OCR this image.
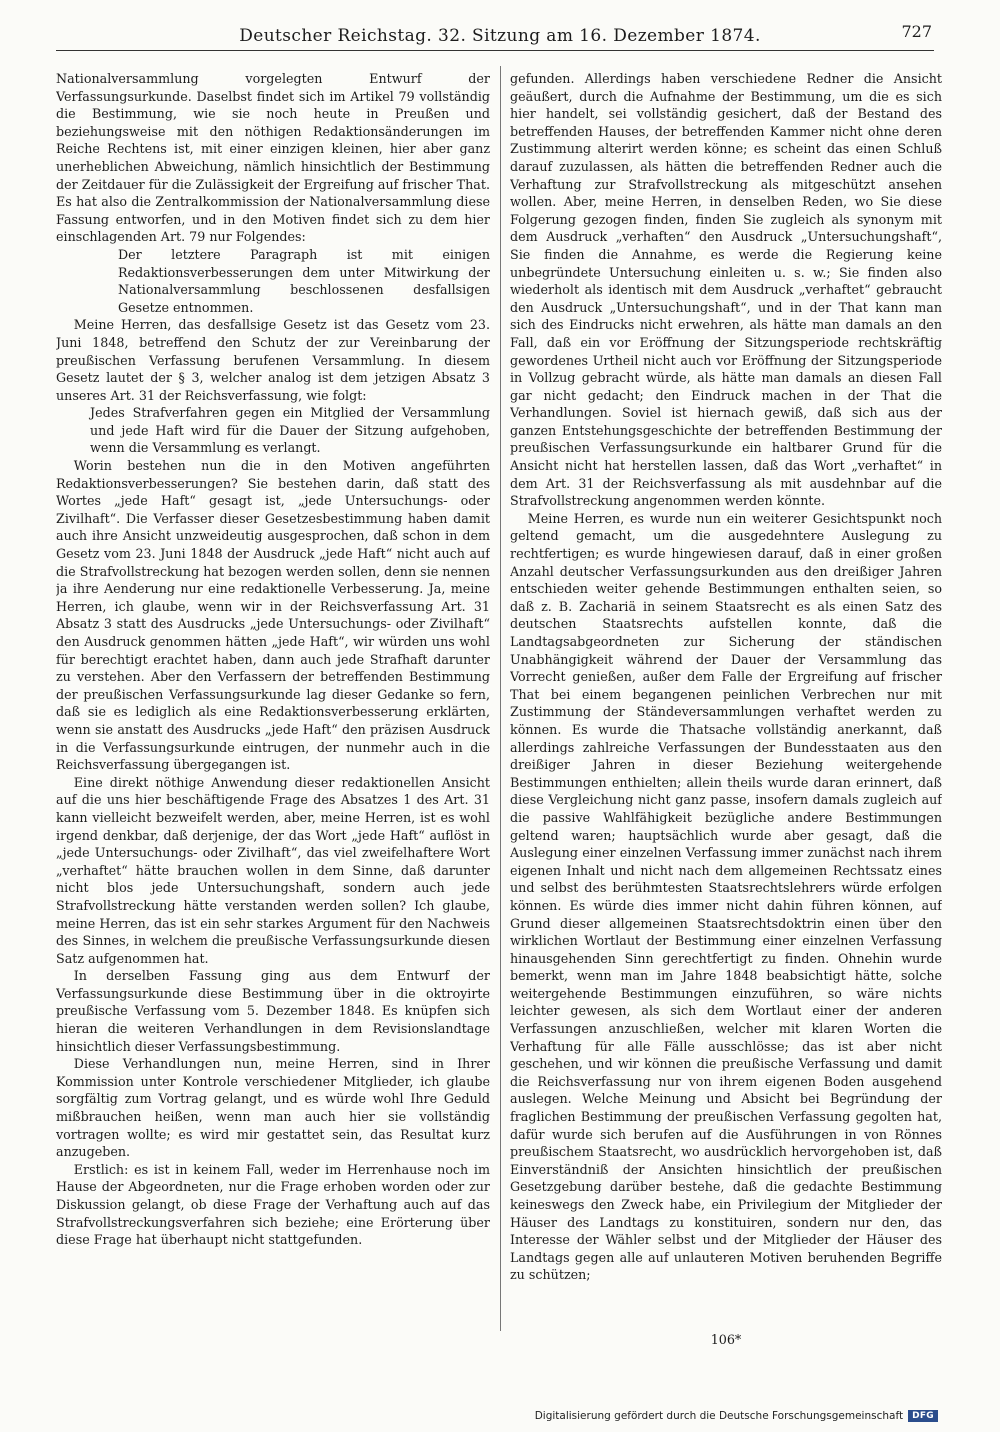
Deutscher Reichstag. 32. Sitzung am 16. Dezember 1874.	727

Nationalversammlung vorgelegten Entwurf der Verfassungsurkunde. Daselbst findet sich im Artikel 79 vollständig die Bestimmung, wie sie noch heute in Preußen und beziehungsweise mit den nöthigen Redaktionsänderungen im Reiche Rechtens ist, mit einer einzigen kleinen, hier aber ganz unerheblichen Abweichung, nämlich hinsichtlich der Bestimmung der Zeitdauer für die Zulässigkeit der Ergreifung auf frischer That. Es hat also die Zentralkommission der Nationalversammlung diese Fassung entworfen, und in den Motiven findet sich zu dem hier einschlagenden Art. 79 nur Folgendes:

Der letztere Paragraph ist mit einigen Redaktionsverbesserungen dem unter Mitwirkung der Nationalversammlung beschlossenen desfallsigen Gesetze entnommen.

Meine Herren, das desfallsige Gesetz ist das Gesetz vom 23. Juni 1848, betreffend den Schutz der zur Vereinbarung der preußischen Verfassung berufenen Versammlung. In diesem Gesetz lautet der § 3, welcher analog ist dem jetzigen Absatz 3 unseres Art. 31 der Reichsverfassung, wie folgt:

Jedes Strafverfahren gegen ein Mitglied der Versammlung und jede Haft wird für die Dauer der Sitzung aufgehoben, wenn die Versammlung es verlangt.

Worin bestehen nun die in den Motiven angeführten Redaktionsverbesserungen? Sie bestehen darin, daß statt des Wortes „jede Haft“ gesagt ist, „jede Untersuchungs- oder Zivilhaft“. Die Verfasser dieser Gesetzesbestimmung haben damit auch ihre Ansicht unzweideutig ausgesprochen, daß schon in dem Gesetz vom 23. Juni 1848 der Ausdruck „jede Haft“ nicht auch auf die Strafvollstreckung hat bezogen werden sollen, denn sie nennen ja ihre Aenderung nur eine redaktionelle Verbesserung. Ja, meine Herren, ich glaube, wenn wir in der Reichsverfassung Art. 31 Absatz 3 statt des Ausdrucks „jede Untersuchungs- oder Zivilhaft“ den Ausdruck genommen hätten „jede Haft“, wir würden uns wohl für berechtigt erachtet haben, dann auch jede Strafhaft darunter zu verstehen. Aber den Verfassern der betreffenden Bestimmung der preußischen Verfassungsurkunde lag dieser Gedanke so fern, daß sie es lediglich als eine Redaktionsverbesserung erklärten, wenn sie anstatt des Ausdrucks „jede Haft“ den präzisen Ausdruck in die Verfassungsurkunde eintrugen, der nunmehr auch in die Reichsverfassung übergegangen ist.

Eine direkt nöthige Anwendung dieser redaktionellen Ansicht auf die uns hier beschäftigende Frage des Absatzes 1 des Art. 31 kann vielleicht bezweifelt werden, aber, meine Herren, ist es wohl irgend denkbar, daß derjenige, der das Wort „jede Haft“ auflöst in „jede Untersuchungs- oder Zivilhaft“, das viel zweifelhaftere Wort „verhaftet“ hätte brauchen wollen in dem Sinne, daß darunter nicht blos jede Untersuchungshaft, sondern auch jede Strafvollstreckung hätte verstanden werden sollen? Ich glaube, meine Herren, das ist ein sehr starkes Argument für den Nachweis des Sinnes, in welchem die preußische Verfassungsurkunde diesen Satz aufgenommen hat.

In derselben Fassung ging aus dem Entwurf der Verfassungsurkunde diese Bestimmung über in die oktroyirte preußische Verfassung vom 5. Dezember 1848. Es knüpfen sich hieran die weiteren Verhandlungen in dem Revisionslandtage hinsichtlich dieser Verfassungsbestimmung.

Diese Verhandlungen nun, meine Herren, sind in Ihrer Kommission unter Kontrole verschiedener Mitglieder, ich glaube sorgfältig zum Vortrag gelangt, und es würde wohl Ihre Geduld mißbrauchen heißen, wenn man auch hier sie vollständig vortragen wollte; es wird mir gestattet sein, das Resultat kurz anzugeben.

Erstlich: es ist in keinem Fall, weder im Herrenhause noch im Hause der Abgeordneten, nur die Frage erhoben worden oder zur Diskussion gelangt, ob diese Frage der Verhaftung auch auf das Strafvollstreckungsverfahren sich beziehe; eine Erörterung über diese Frage hat überhaupt nicht stattgefunden.

gefunden. Allerdings haben verschiedene Redner die Ansicht geäußert, durch die Aufnahme der Bestimmung, um die es sich hier handelt, sei vollständig gesichert, daß der Bestand des betreffenden Hauses, der betreffenden Kammer nicht ohne deren Zustimmung alterirt werden könne; es scheint das einen Schluß darauf zuzulassen, als hätten die betreffenden Redner auch die Verhaftung zur Strafvollstreckung als mitgeschützt ansehen wollen. Aber, meine Herren, in denselben Reden, wo Sie diese Folgerung gezogen finden, finden Sie zugleich als synonym mit dem Ausdruck „verhaften“ den Ausdruck „Untersuchungshaft“, Sie finden die Annahme, es werde die Regierung keine unbegründete Untersuchung einleiten u. s. w.; Sie finden also wiederholt als identisch mit dem Ausdruck „verhaftet“ gebraucht den Ausdruck „Untersuchungshaft“, und in der That kann man sich des Eindrucks nicht erwehren, als hätte man damals an den Fall, daß ein vor Eröffnung der Sitzungsperiode rechtskräftig gewordenes Urtheil nicht auch vor Eröffnung der Sitzungsperiode in Vollzug gebracht würde, als hätte man damals an diesen Fall gar nicht gedacht; den Eindruck machen in der That die Verhandlungen. Soviel ist hiernach gewiß, daß sich aus der ganzen Entstehungsgeschichte der betreffenden Bestimmung der preußischen Verfassungsurkunde ein haltbarer Grund für die Ansicht nicht hat herstellen lassen, daß das Wort „verhaftet“ in dem Art. 31 der Reichsverfassung als mit ausdehnbar auf die Strafvollstreckung angenommen werden könnte.

Meine Herren, es wurde nun ein weiterer Gesichtspunkt noch geltend gemacht, um die ausgedehntere Auslegung zu rechtfertigen; es wurde hingewiesen darauf, daß in einer großen Anzahl deutscher Verfassungsurkunden aus den dreißiger Jahren entschieden weiter gehende Bestimmungen enthalten seien, so daß z. B. Zachariä in seinem Staatsrecht es als einen Satz des deutschen Staatsrechts aufstellen konnte, daß die Landtagsabgeordneten zur Sicherung der ständischen Unabhängigkeit während der Dauer der Versammlung das Vorrecht genießen, außer dem Falle der Ergreifung auf frischer That bei einem begangenen peinlichen Verbrechen nur mit Zustimmung der Ständeversammlungen verhaftet werden zu können. Es wurde die Thatsache vollständig anerkannt, daß allerdings zahlreiche Verfassungen der Bundesstaaten aus den dreißiger Jahren in dieser Beziehung weitergehende Bestimmungen enthielten; allein theils wurde daran erinnert, daß diese Vergleichung nicht ganz passe, insofern damals zugleich auf die passive Wahlfähigkeit bezügliche andere Bestimmungen geltend waren; hauptsächlich wurde aber gesagt, daß die Auslegung einer einzelnen Verfassung immer zunächst nach ihrem eigenen Inhalt und nicht nach dem allgemeinen Rechtssatz eines und selbst des berühmtesten Staatsrechtslehrers würde erfolgen können. Es würde dies immer nicht dahin führen können, auf Grund dieser allgemeinen Staatsrechtsdoktrin einen über den wirklichen Wortlaut der Bestimmung einer einzelnen Verfassung hinausgehenden Sinn gerechtfertigt zu finden. Ohnehin wurde bemerkt, wenn man im Jahre 1848 beabsichtigt hätte, solche weitergehende Bestimmungen einzuführen, so wäre nichts leichter gewesen, als sich dem Wortlaut einer der anderen Verfassungen anzuschließen, welcher mit klaren Worten die Verhaftung für alle Fälle ausschlösse; das ist aber nicht geschehen, und wir können die preußische Verfassung und damit die Reichsverfassung nur von ihrem eigenen Boden ausgehend auslegen. Welche Meinung und Absicht bei Begründung der fraglichen Bestimmung der preußischen Verfassung gegolten hat, dafür wurde sich berufen auf die Ausführungen in von Rönnes preußischem Staatsrecht, wo ausdrücklich hervorgehoben ist, daß Einverständniß der Ansichten hinsichtlich der preußischen Gesetzgebung darüber bestehe, daß die gedachte Bestimmung keineswegs den Zweck habe, ein Privilegium der Mitglieder der Häuser des Landtags zu konstituiren, sondern nur den, das Interesse der Wähler selbst und der Mitglieder der Häuser des Landtags gegen alle auf unlauteren Motiven beruhenden Begriffe zu schützen;

106*
Digitalisierung gefördert durch die Deutsche Forschungsgemeinschaft	DFG
